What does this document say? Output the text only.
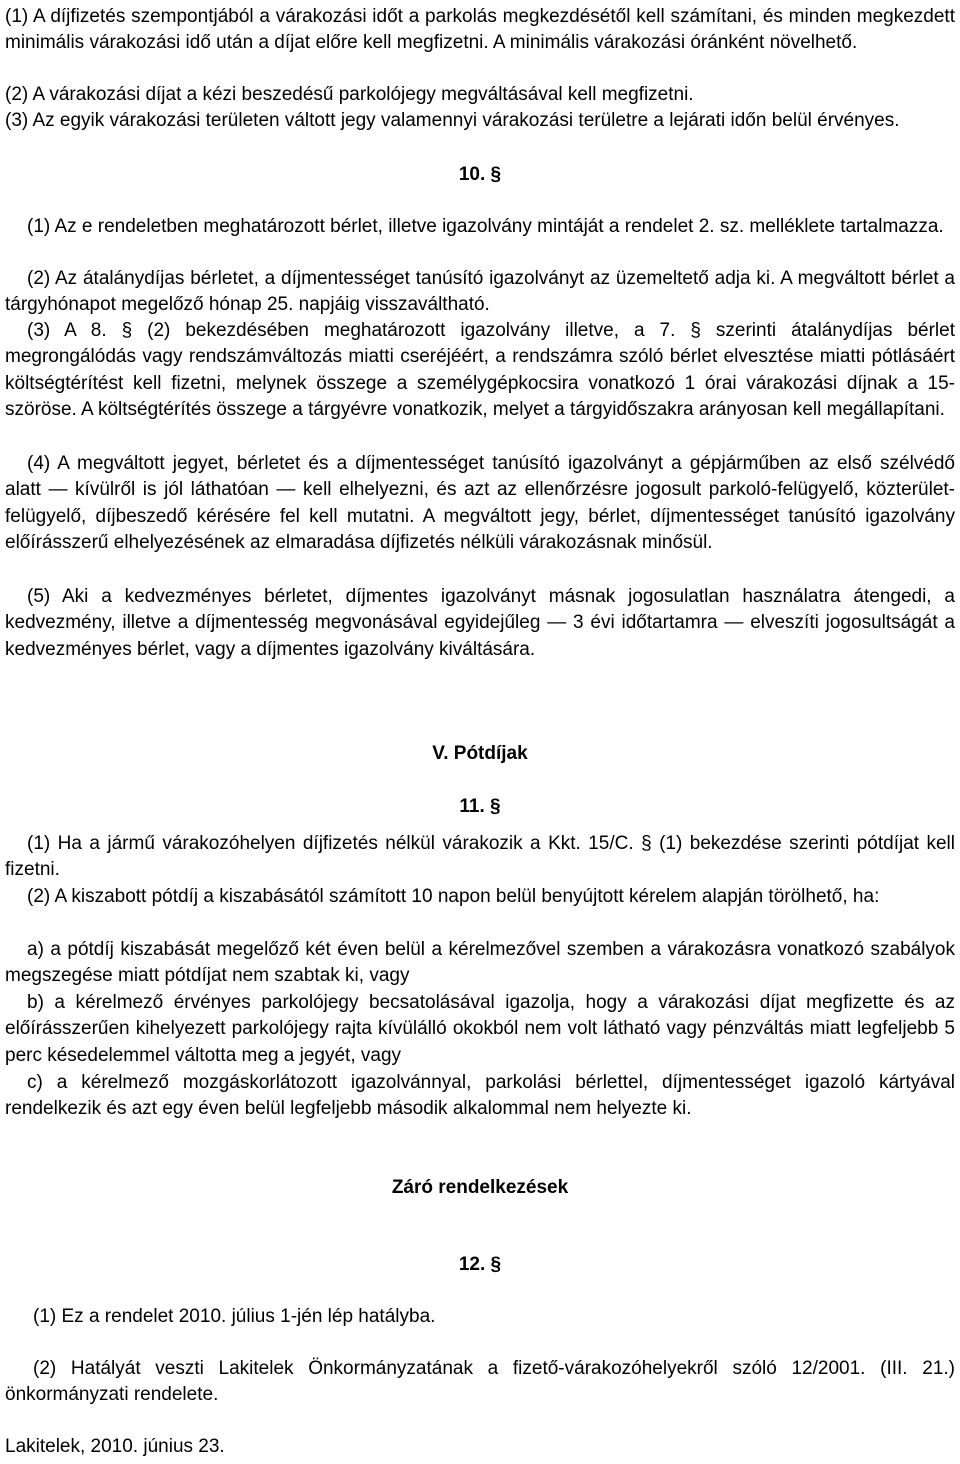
(1) A díjfizetés szempontjából a várakozási időt a parkolás megkezdésétől kell számítani, és minden megkezdett minimális várakozási idő után a díjat előre kell megfizetni. A minimális várakozási óránként növelhető.

(2) A várakozási díjat a kézi beszedésű parkolójegy megváltásával kell megfizetni.

(3) Az egyik várakozási területen váltott jegy valamennyi várakozási területre a lejárati időn belül érvényes.

10. §

(1) Az e rendeletben meghatározott bérlet, illetve igazolvány mintáját a rendelet 2. sz. melléklete tartalmazza.

(2) Az átalánydíjas bérletet, a díjmentességet tanúsító igazolványt az üzemeltető adja ki. A megváltott bérlet a tárgyhónapot megelőző hónap 25. napjáig visszaváltható.

(3) A 8. § (2) bekezdésében meghatározott igazolvány illetve, a 7. § szerinti átalánydíjas bérlet megrongálódás vagy rendszámváltozás miatti cseréjéért, a rendszámra szóló bérlet elvesztése miatti pótlásáért költségtérítést kell fizetni, melynek összege a személygépkocsira vonatkozó 1 órai várakozási díjnak a 15-szöröse. A költségtérítés összege a tárgyévre vonatkozik, melyet a tárgyidőszakra arányosan kell megállapítani.

(4) A megváltott jegyet, bérletet és a díjmentességet tanúsító igazolványt a gépjárműben az első szélvédő alatt — kívülről is jól láthatóan — kell elhelyezni, és azt az ellenőrzésre jogosult parkoló-felügyelő, közterület-felügyelő, díjbeszedő kérésére fel kell mutatni. A megváltott jegy, bérlet, díjmentességet tanúsító igazolvány előírásszerű elhelyezésének az elmaradása díjfizetés nélküli várakozásnak minősül.

(5) Aki a kedvezményes bérletet, díjmentes igazolványt másnak jogosulatlan használatra átengedi, a kedvezmény, illetve a díjmentesség megvonásával egyidejűleg — 3 évi időtartamra — elveszíti jogosultságát a kedvezményes bérlet, vagy a díjmentes igazolvány kiváltására.

V. Pótdíjak

11. §

(1) Ha a jármű várakozóhelyen díjfizetés nélkül várakozik a Kkt. 15/C. § (1) bekezdése szerinti pótdíjat kell fizetni.

(2) A kiszabott pótdíj a kiszabásától számított 10 napon belül benyújtott kérelem alapján törölhető, ha:

a) a pótdíj kiszabását megelőző két éven belül a kérelmezővel szemben a várakozásra vonatkozó szabályok megszegése miatt pótdíjat nem szabtak ki, vagy

b) a kérelmező érvényes parkolójegy becsatolásával igazolja, hogy a várakozási díjat megfizette és az előírásszerűen kihelyezett parkolójegy rajta kívülálló okokból nem volt látható vagy pénzváltás miatt legfeljebb 5 perc késedelemmel váltotta meg a jegyét, vagy

c) a kérelmező mozgáskorlátozott igazolvánnyal, parkolási bérlettel, díjmentességet igazoló kártyával rendelkezik és azt egy éven belül legfeljebb második alkalommal nem helyezte ki.

Záró rendelkezések

12. §

(1) Ez a rendelet 2010. július 1-jén lép hatályba.

(2) Hatályát veszti Lakitelek Önkormányzatának a fizető-várakozóhelyekről szóló 12/2001. (III. 21.) önkormányzati rendelete.

Lakitelek, 2010. június 23.
